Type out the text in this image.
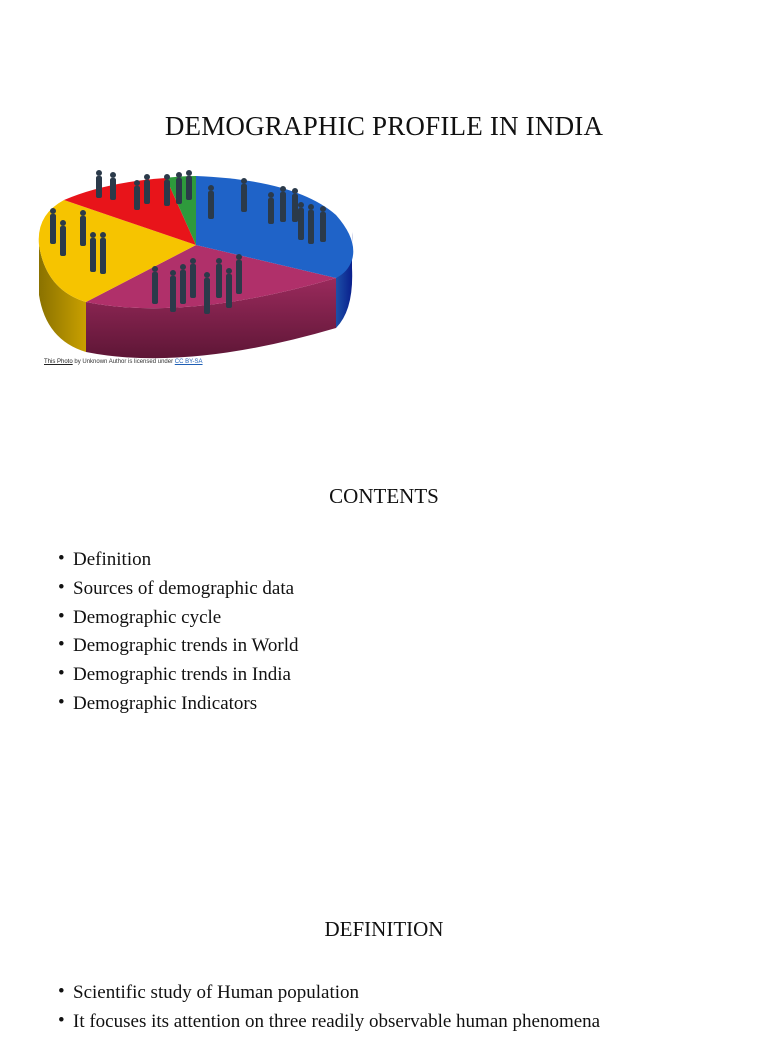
DEMOGRAPHIC PROFILE IN INDIA
This Photo by Unknown Author is licensed under CC BY-SA
CONTENTS
• Definition
• Sources of demographic data
• Demographic cycle
• Demographic trends in World
• Demographic trends in India
• Demographic Indicators
DEFINITION
• Scientific study of Human population
• It focuses its attention on three readily observable human phenomena
